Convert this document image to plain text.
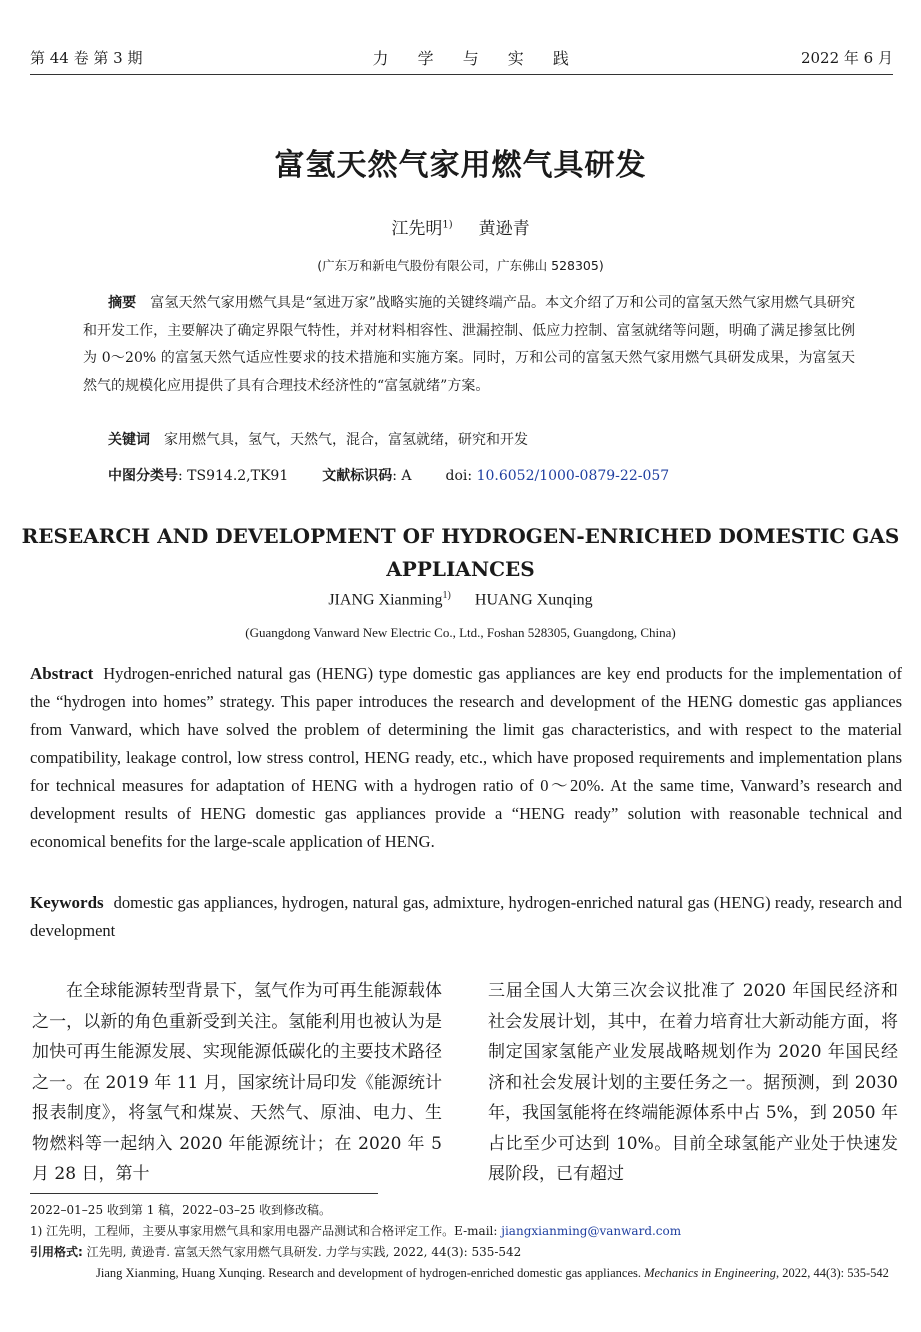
第 44 卷 第 3 期	力 学 与 实 践	2022 年 6 月
富氢天然气家用燃气具研发
江先明$^{1)}$ 黄逊青
(广东万和新电气股份有限公司，广东佛山 528305)
摘要 富氢天然气家用燃气具是“氢进万家”战略实施的关键终端产品。本文介绍了万和公司的富氢天然气家用燃气具研究和开发工作，主要解决了确定界限气特性，并对材料相容性、泄漏控制、低应力控制、富氢就绪等问题，明确了满足掺氢比例为 0～20% 的富氢天然气适应性要求的技术措施和实施方案。同时，万和公司的富氢天然气家用燃气具研发成果，为富氢天然气的规模化应用提供了具有合理技术经济性的“富氢就绪”方案。
关键词 家用燃气具，氢气，天然气，混合，富氢就绪，研究和开发
中图分类号: TS914.2,TK91 文献标识码: A doi: 10.6052/1000-0879-22-057
RESEARCH AND DEVELOPMENT OF HYDROGEN-ENRICHED DOMESTIC GAS APPLIANCES
JIANG Xianming$^{1)}$ HUANG Xunqing
(Guangdong Vanward New Electric Co., Ltd., Foshan 528305, Guangdong, China)
Abstract Hydrogen-enriched natural gas (HENG) type domestic gas appliances are key end products for the implementation of the “hydrogen into homes” strategy. This paper introduces the research and development of the HENG domestic gas appliances from Vanward, which have solved the problem of determining the limit gas characteristics, and with respect to the material compatibility, leakage control, low stress control, HENG ready, etc., which have proposed requirements and implementation plans for technical measures for adaptation of HENG with a hydrogen ratio of 0～20%. At the same time, Vanward’s research and development results of HENG domestic gas appliances provide a “HENG ready” solution with reasonable technical and economical benefits for the large-scale application of HENG.
Keywords domestic gas appliances, hydrogen, natural gas, admixture, hydrogen-enriched natural gas (HENG) ready, research and development
在全球能源转型背景下，氢气作为可再生能源载体之一，以新的角色重新受到关注。氢能利用也被认为是加快可再生能源发展、实现能源低碳化的主要技术路径之一。在 2019 年 11 月，国家统计局印发《能源统计报表制度》，将氢气和煤炭、天然气、原油、电力、生物燃料等一起纳入 2020 年能源统计；在 2020 年 5 月 28 日，第十
三届全国人大第三次会议批准了 2020 年国民经济和社会发展计划，其中，在着力培育壮大新动能方面，将制定国家氢能产业发展战略规划作为 2020 年国民经济和社会发展计划的主要任务之一。据预测，到 2030 年，我国氢能将在终端能源体系中占 5%，到 2050 年占比至少可达到 10%。目前全球氢能产业处于快速发展阶段，已有超过
2022–01–25 收到第 1 稿，2022–03–25 收到修改稿。
1) 江先明，工程师，主要从事家用燃气具和家用电器产品测试和合格评定工作。E-mail: jiangxianming@vanward.com
引用格式: 江先明, 黄逊青. 富氢天然气家用燃气具研发. 力学与实践, 2022, 44(3): 535-542
Jiang Xianming, Huang Xunqing. Research and development of hydrogen-enriched domestic gas appliances. Mechanics in Engineering, 2022, 44(3): 535-542
